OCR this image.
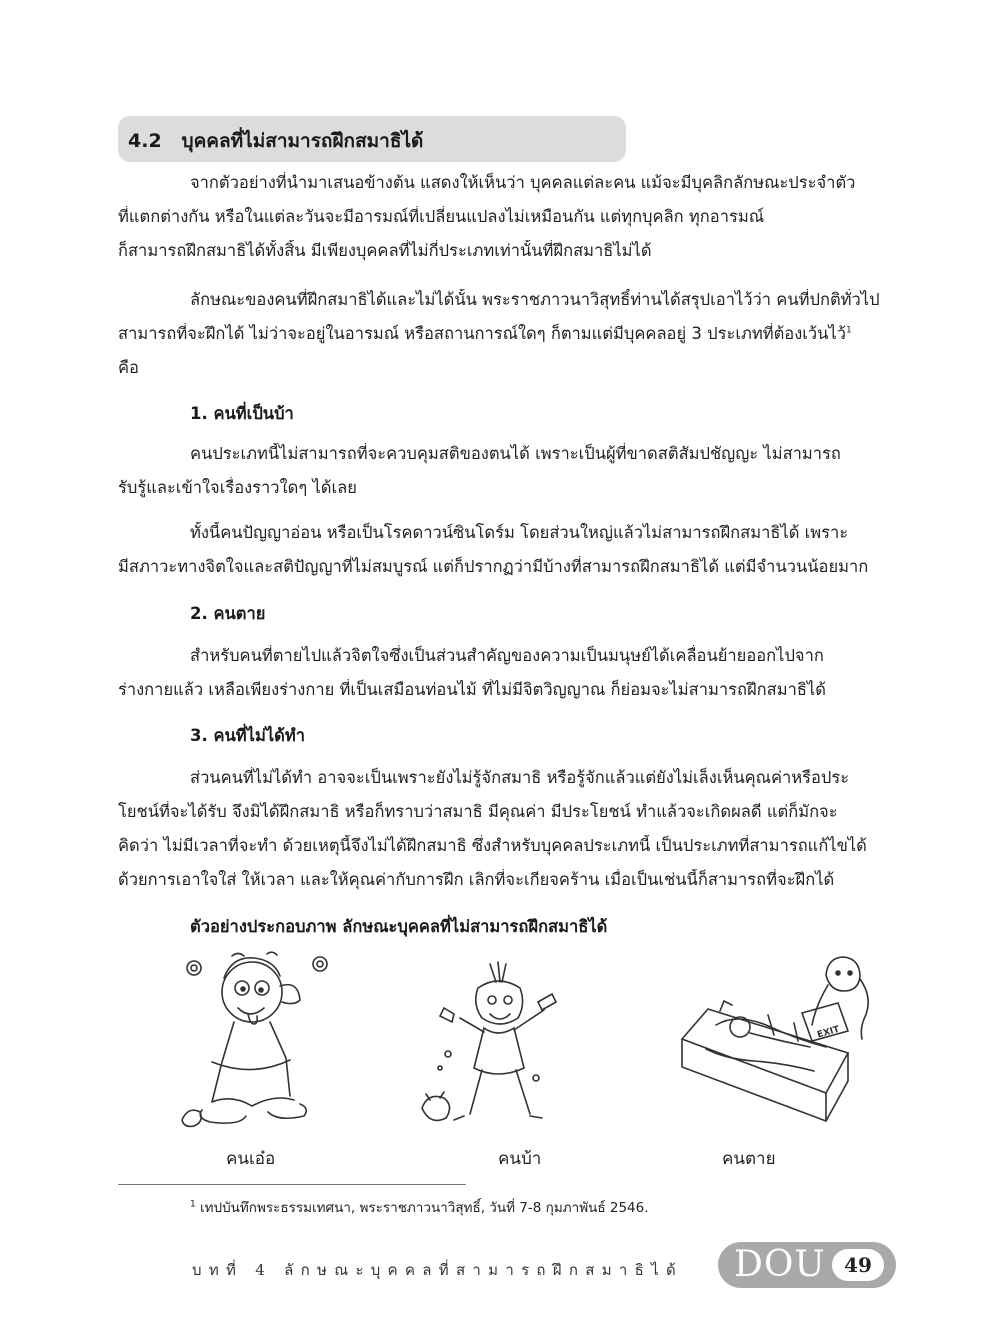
4.2 บุคคลที่ไม่สามารถฝึกสมาธิได้
จากตัวอย่างที่นำมาเสนอข้างต้น แสดงให้เห็นว่า บุคคลแต่ละคน แม้จะมีบุคลิกลักษณะประจำตัว
ที่แตกต่างกัน หรือในแต่ละวันจะมีอารมณ์ที่เปลี่ยนแปลงไม่เหมือนกัน แต่ทุกบุคลิก ทุกอารมณ์
ก็สามารถฝึกสมาธิได้ทั้งสิ้น มีเพียงบุคคลที่ไม่กี่ประเภทเท่านั้นที่ฝึกสมาธิไม่ได้
ลักษณะของคนที่ฝึกสมาธิได้และไม่ได้นั้น พระราชภาวนาวิสุทธิ์ท่านได้สรุปเอาไว้ว่า คนที่ปกติทั่วไป
สามารถที่จะฝึกได้ ไม่ว่าจะอยู่ในอารมณ์ หรือสถานการณ์ใดๆ ก็ตามแต่มีบุคคลอยู่ 3 ประเภทที่ต้องเว้นไว้$^1$
คือ
1. คนที่เป็นบ้า
คนประเภทนี้ไม่สามารถที่จะควบคุมสติของตนได้ เพราะเป็นผู้ที่ขาดสติสัมปชัญญะ ไม่สามารถ
รับรู้และเข้าใจเรื่องราวใดๆ ได้เลย
ทั้งนี้คนปัญญาอ่อน หรือเป็นโรคดาวน์ซินโดร์ม โดยส่วนใหญ่แล้วไม่สามารถฝึกสมาธิได้ เพราะ
มีสภาวะทางจิตใจและสติปัญญาที่ไม่สมบูรณ์ แต่ก็ปรากฏว่ามีบ้างที่สามารถฝึกสมาธิได้ แต่มีจำนวนน้อยมาก
2. คนตาย
สำหรับคนที่ตายไปแล้วจิตใจซึ่งเป็นส่วนสำคัญของความเป็นมนุษย์ได้เคลื่อนย้ายออกไปจาก
ร่างกายแล้ว เหลือเพียงร่างกาย ที่เป็นเสมือนท่อนไม้ ที่ไม่มีจิตวิญญาณ ก็ย่อมจะไม่สามารถฝึกสมาธิได้
3. คนที่ไม่ได้ทำ
ส่วนคนที่ไม่ได้ทำ อาจจะเป็นเพราะยังไม่รู้จักสมาธิ หรือรู้จักแล้วแต่ยังไม่เล็งเห็นคุณค่าหรือประ
โยชน์ที่จะได้รับ จึงมิได้ฝึกสมาธิ หรือก็ทราบว่าสมาธิ มีคุณค่า มีประโยชน์ ทำแล้วจะเกิดผลดี แต่ก็มักจะ
คิดว่า ไม่มีเวลาที่จะทำ ด้วยเหตุนี้จึงไม่ได้ฝึกสมาธิ ซึ่งสำหรับบุคคลประเภทนี้ เป็นประเภทที่สามารถแก้ไขได้
ด้วยการเอาใจใส่ ให้เวลา และให้คุณค่ากับการฝึก เลิกที่จะเกียจคร้าน เมื่อเป็นเช่นนี้ก็สามารถที่จะฝึกได้
ตัวอย่างประกอบภาพ ลักษณะบุคคลที่ไม่สามารถฝึกสมาธิได้
EXIT
คนเอ๋อ	คนบ้า	คนตาย
$^1$ เทปบันทึกพระธรรมเทศนา, พระราชภาวนาวิสุทธิ์, วันที่ 7-8 กุมภาพันธ์ 2546.
บทที่ 4 ลักษณะบุคคลที่สามารถฝึกสมาธิได้ DOU 49
